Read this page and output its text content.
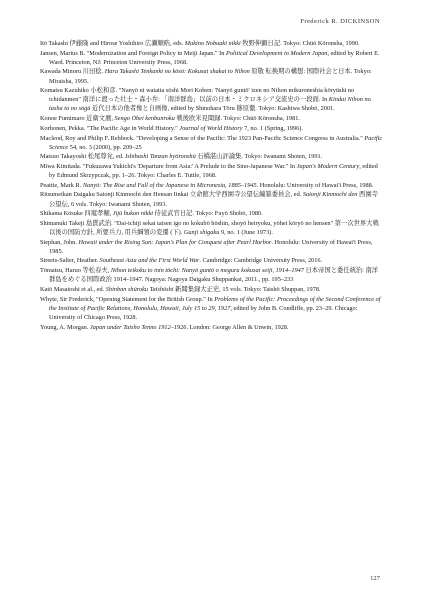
Frederick R. DICKINSON

Itō Takashi 伊藤隆 and Hirose Yoshihiro 広瀬順晧, eds. Makino Nobuaki nikki 牧野伸顕日記. Tokyo: Chūō Kōronsha, 1990.

Jansen, Marius B. "Modernization and Foreign Policy in Meiji Japan." In Political Development in Modern Japan, edited by Robert E. Ward. Princeton, NJ: Princeton University Press, 1968.

Kawada Minoru 川田稔. Hara Takashi Tenkanki no kōsō: Kokusai shakai to Nihon 原敬 転換期の構想: 国際社会と日本. Tokyo: Miraisha, 1995.

Komatsu Kazuhiko 小松和彦. "Nanyō ni watatta sōshi Mori Koben: 'Nanyō guntō' izen no Nihon mikuroneshia kōryūshi no ichidanmen" 南洋に渡った壮士・森小弁: 「南洋群島」以前の日本・ミクロネシア交流史の一段面. In Kindai Nihon no tasha to no sōgū 近代日本の他者像と自画像, edited by Shinohara Tōru 篠原徹. Tokyo: Kashiwa Shobō, 2001.

Konoe Fumimaro 近衛文麿, Sengo Ōbei kenbunroku 戦後欧米見聞録. Tokyo: Chūō Kōronsha, 1981.

Korhonen, Pekka. "The Pacific Age in World History." Journal of World History 7, no. 1 (Spring, 1996).

Macleod, Roy and Philip F. Rehbock. "Developing a Sense of the Pacific: The 1923 Pan-Pacific Science Congress in Australia." Pacific Science 54, no. 3 (2000), pp. 209–25

Matsuo Takayoshi 松尾尊兊, ed. Ishibashi Tanzan hyōronshū 石橋湛山評論集. Tokyo: Iwanami Shoten, 1991.

Miwa Kimitada. "Fukuzawa Yukichi's 'Departure from Asia:' A Prelude to the Sino-Japanese War." In Japan's Modern Century, edited by Edmund Skrzypczak, pp. 1–26. Tokyo: Charles E. Tuttle, 1968.

Peattie, Mark R. Nanyō: The Rise and Fall of the Japanese in Micronesia, 1885–1945. Honolulu: University of Hawai'i Press, 1988.

Ritsumeikan Daigaku Saionji Kinmochi den Hensan Iinkai 立命館大学西園寺公望伝編纂委員会, ed. Saionji Kinmochi den 西園寺公望伝, 6 vols. Tokyo: Iwanami Shoten, 1993.

Shikama Kōsuke 四竃孝輔, Jijū bukan nikki 侍従武官日記. Tokyo: Fuyō Shobō, 1980.

Shimanuki Takeji 島貫武治. "Dai-ichiji sekai taisen igo no kokubō hōshin, shoyō heiryoku, yōhei kōryō no hensen" 第一次世界大戦以後の国防方針, 所要兵力, 用兵綱領の変遷 (下). Gunji shigaku 9, no. 1 (June 1973).

Stephan, John. Hawaii under the Rising Sun: Japan's Plan for Conquest after Pearl Harbor. Honolulu: University of Hawai'i Press, 1985.

Streets-Salter, Heather. Southeast Asia and the First World War. Cambridge: Cambridge University Press, 2016.

Tōmatsu, Haruo 等松春夫, Nihon teikoku to inin tōchi: Nanyō guntō o meguru kokusai seiji, 1914–1947 日本帝国と委任統治: 南洋群島をめぐる国際政治 1914–1947. Nagoya: Nagoya Daigaku Shuppankai, 2011., pp. 195–233

Katō Masatoshi et al., ed. Shinban shūroku Taishōshi 新聞集録大正史, 15 vols. Tokyo: Taishō Shuppan, 1978.

Whyte, Sir Frederick, "Opening Statement for the British Group." In Problems of the Pacific: Proceedings of the Second Conference of the Institute of Pacific Relations, Honolulu, Hawaii, July 15 to 29, 1927, edited by John B. Condliffe, pp. 23–29. Chicago: University of Chicago Press, 1928.

Young, A. Morgan. Japan under Taisho Tenno 1912–1926. London: George Allen & Unwin, 1928.

127
